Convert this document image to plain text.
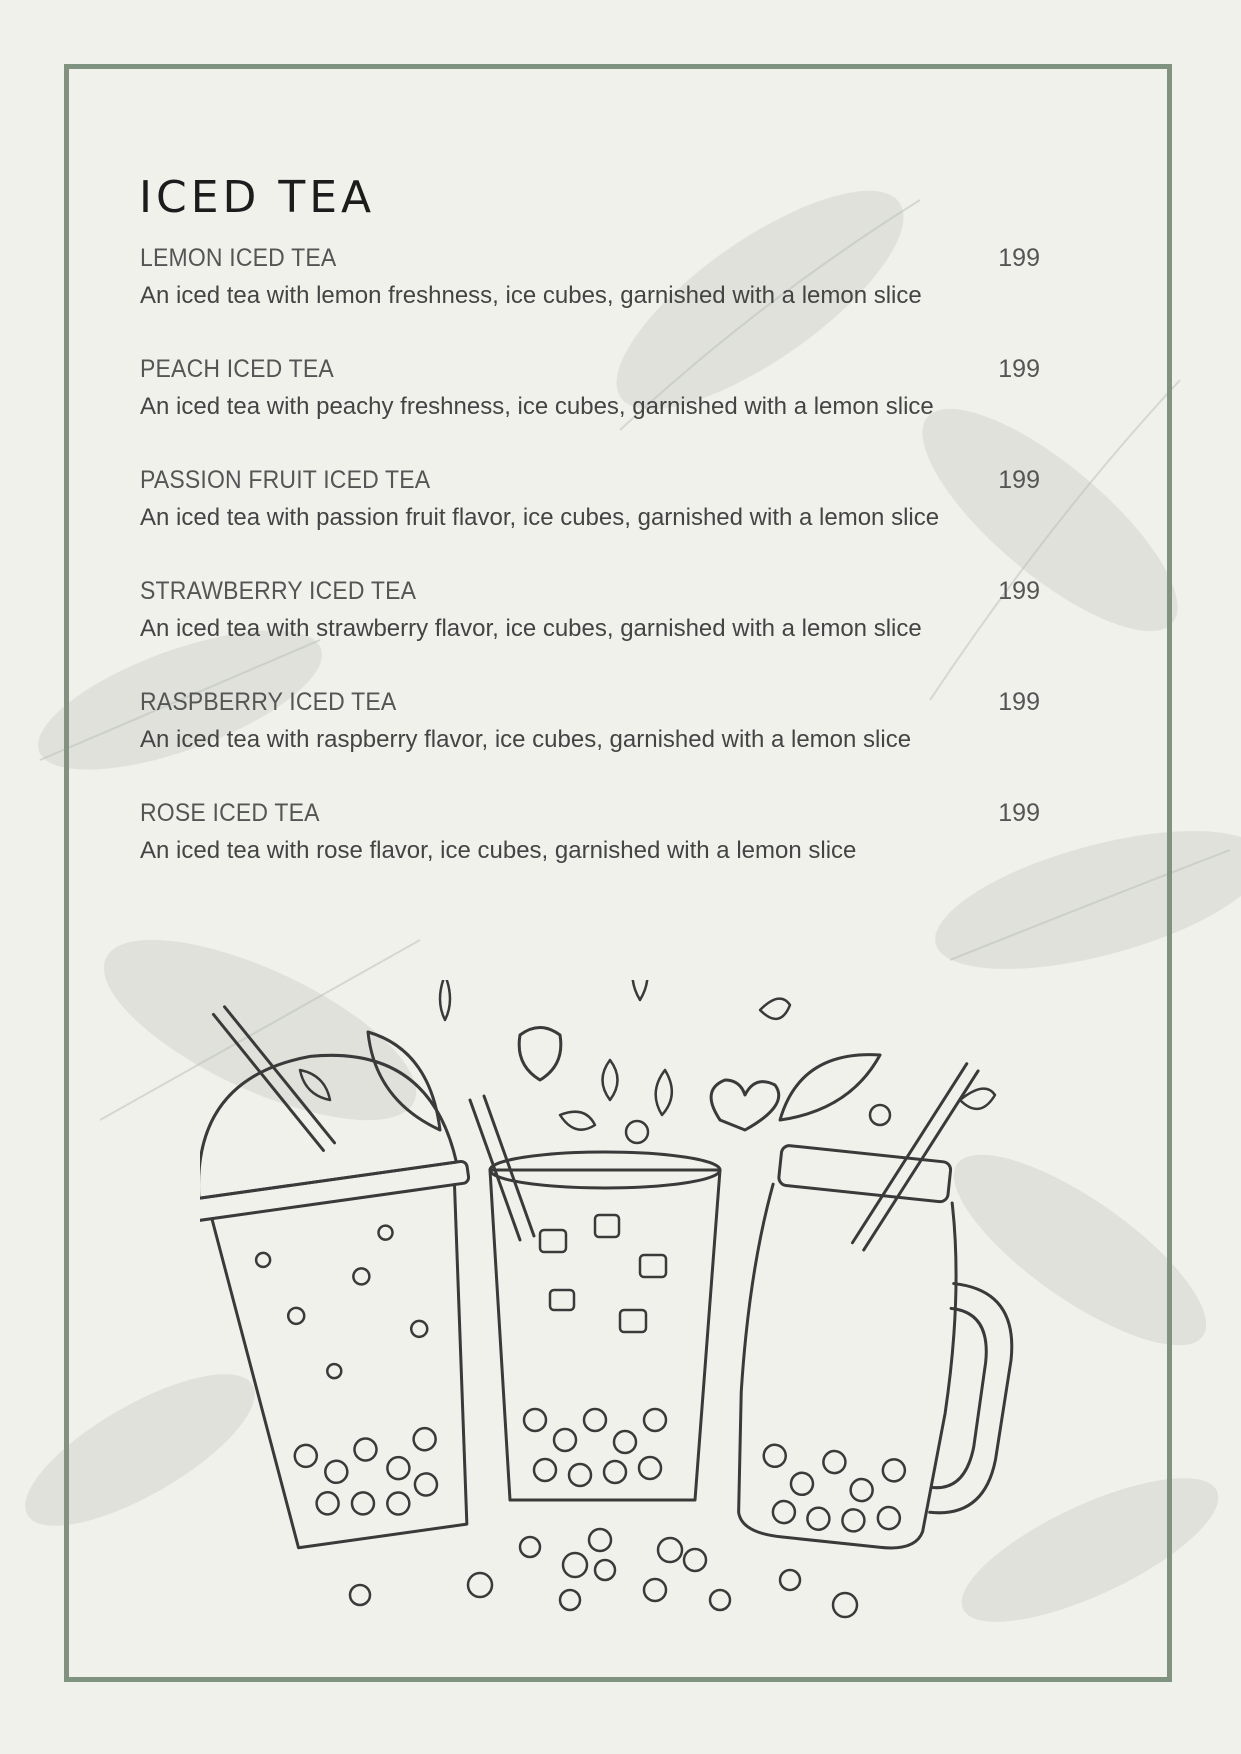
ICED TEA
LEMON ICED TEA	199
An iced tea with lemon freshness, ice cubes, garnished with a lemon slice
PEACH ICED TEA	199
An iced tea with peachy freshness, ice cubes, garnished with a lemon slice
PASSION FRUIT ICED TEA	199
An iced tea with passion fruit flavor, ice cubes, garnished with a lemon slice
STRAWBERRY ICED TEA	199
An iced tea with strawberry flavor, ice cubes, garnished with a lemon slice
RASPBERRY ICED TEA	199
An iced tea with raspberry flavor, ice cubes, garnished with a lemon slice
ROSE ICED TEA	199
An iced tea with rose flavor, ice cubes, garnished with a lemon slice
